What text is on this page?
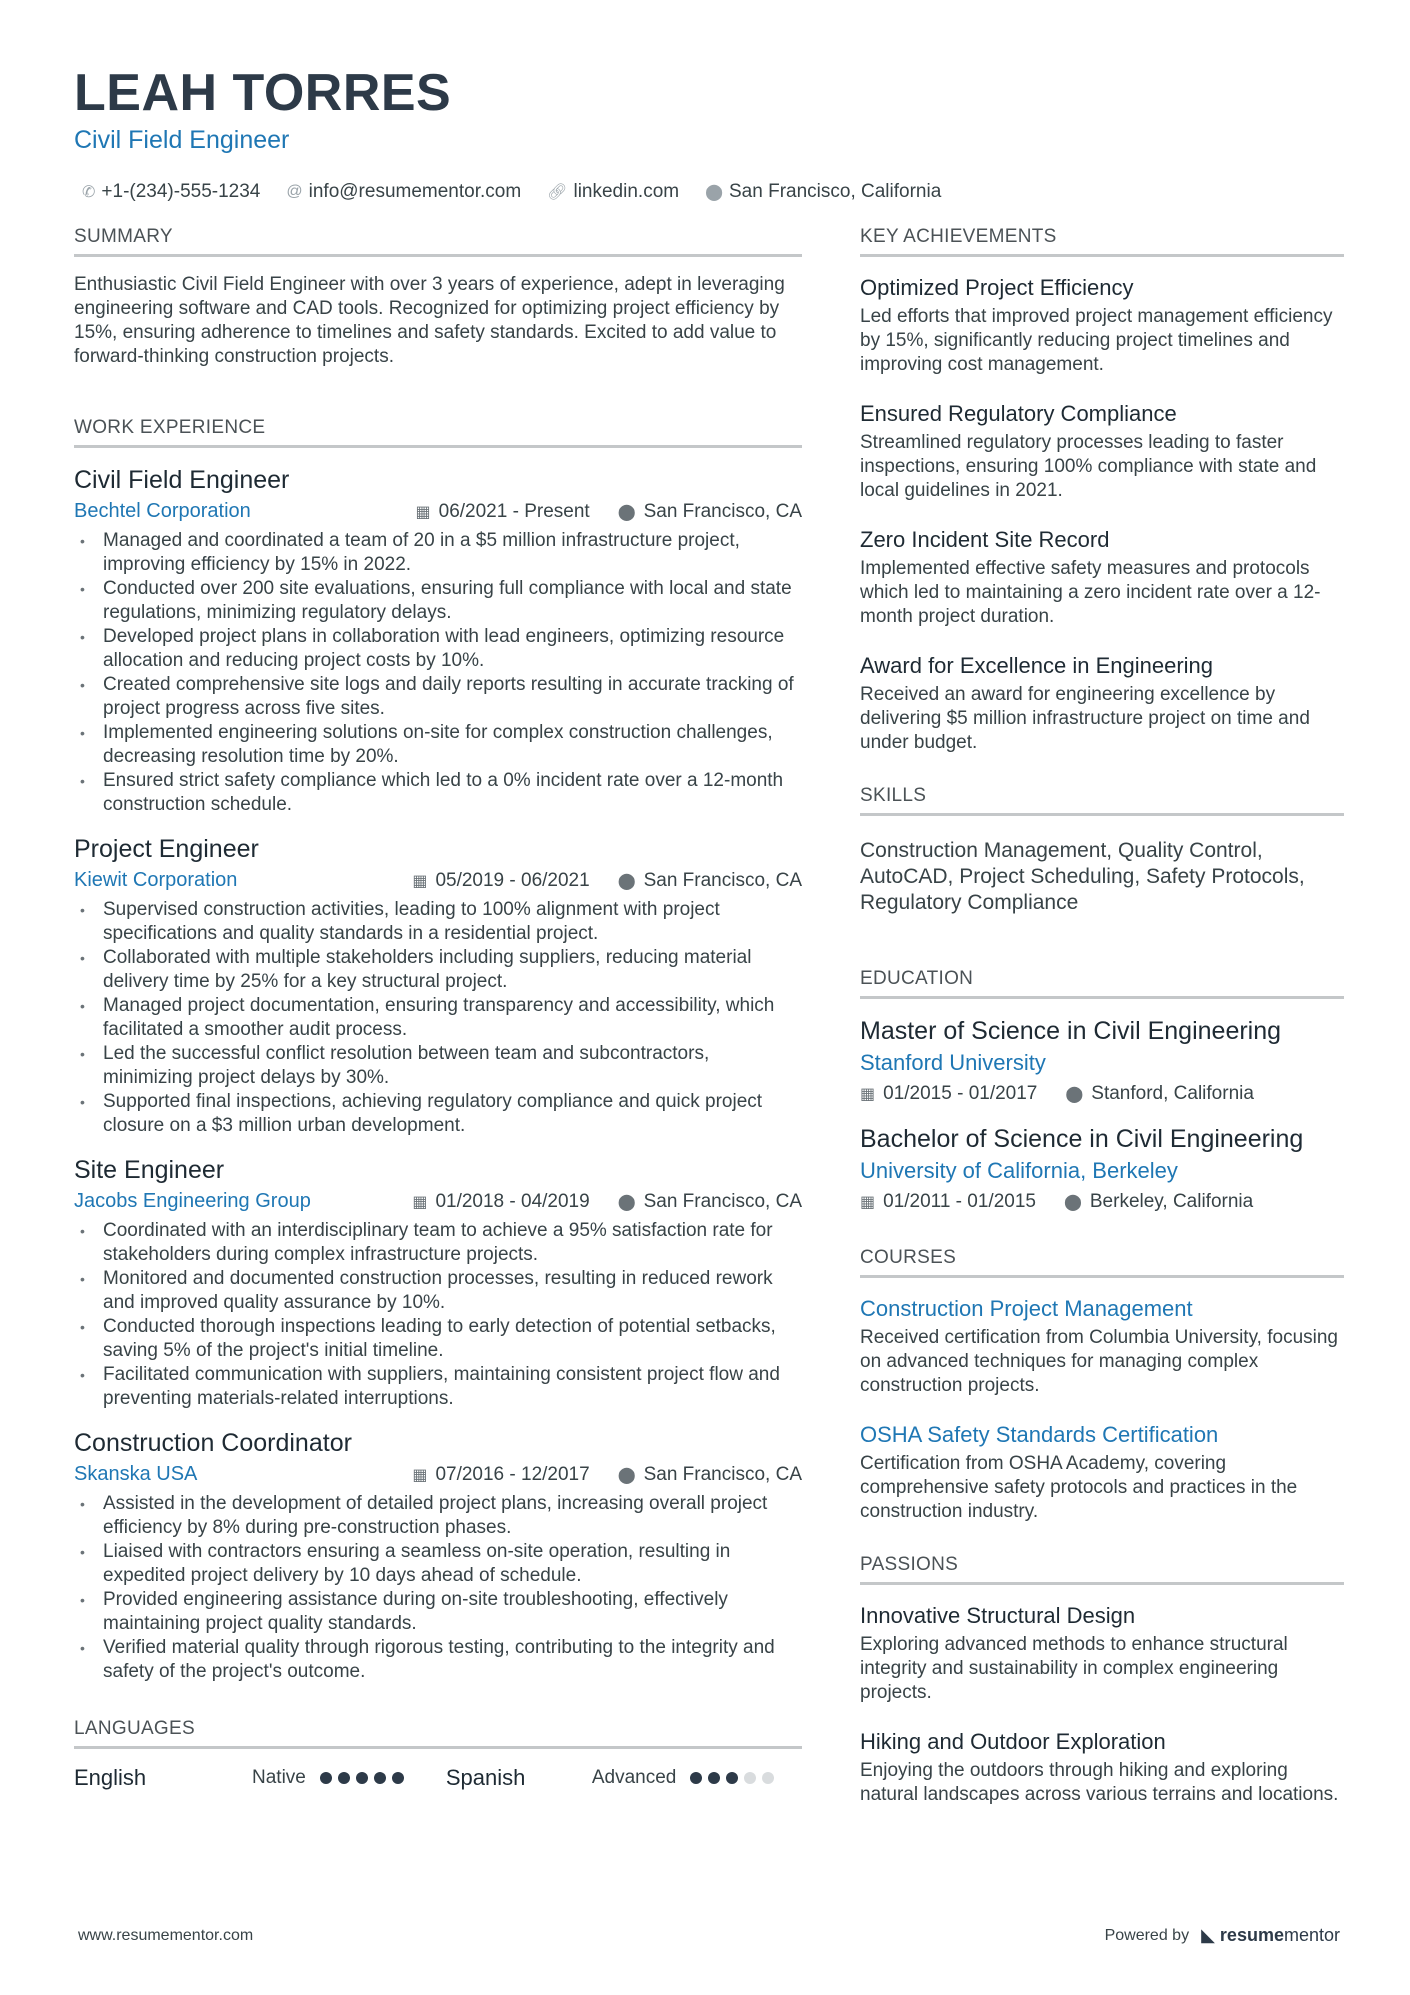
LEAH TORRES
Civil Field Engineer
✆ +1-(234)-555-1234 @ info@resumementor.com 🔗︎ linkedin.com ⬤ San Francisco, California
SUMMARY
Enthusiastic Civil Field Engineer with over 3 years of experience, adept in leveraging engineering software and CAD tools. Recognized for optimizing project efficiency by 15%, ensuring adherence to timelines and safety standards. Excited to add value to forward-thinking construction projects.
WORK EXPERIENCE
Civil Field Engineer
Bechtel Corporation	▦ 06/2021 - Present ⬤ San Francisco, CA
• Managed and coordinated a team of 20 in a $5 million infrastructure project, improving efficiency by 15% in 2022.
• Conducted over 200 site evaluations, ensuring full compliance with local and state regulations, minimizing regulatory delays.
• Developed project plans in collaboration with lead engineers, optimizing resource allocation and reducing project costs by 10%.
• Created comprehensive site logs and daily reports resulting in accurate tracking of project progress across five sites.
• Implemented engineering solutions on-site for complex construction challenges, decreasing resolution time by 20%.
• Ensured strict safety compliance which led to a 0% incident rate over a 12-month construction schedule.
Project Engineer
Kiewit Corporation	▦ 05/2019 - 06/2021 ⬤ San Francisco, CA
• Supervised construction activities, leading to 100% alignment with project specifications and quality standards in a residential project.
• Collaborated with multiple stakeholders including suppliers, reducing material delivery time by 25% for a key structural project.
• Managed project documentation, ensuring transparency and accessibility, which facilitated a smoother audit process.
• Led the successful conflict resolution between team and subcontractors, minimizing project delays by 30%.
• Supported final inspections, achieving regulatory compliance and quick project closure on a $3 million urban development.
Site Engineer
Jacobs Engineering Group	▦ 01/2018 - 04/2019 ⬤ San Francisco, CA
• Coordinated with an interdisciplinary team to achieve a 95% satisfaction rate for stakeholders during complex infrastructure projects.
• Monitored and documented construction processes, resulting in reduced rework and improved quality assurance by 10%.
• Conducted thorough inspections leading to early detection of potential setbacks, saving 5% of the project's initial timeline.
• Facilitated communication with suppliers, maintaining consistent project flow and preventing materials-related interruptions.
Construction Coordinator
Skanska USA	▦ 07/2016 - 12/2017 ⬤ San Francisco, CA
• Assisted in the development of detailed project plans, increasing overall project efficiency by 8% during pre-construction phases.
• Liaised with contractors ensuring a seamless on-site operation, resulting in expedited project delivery by 10 days ahead of schedule.
• Provided engineering assistance during on-site troubleshooting, effectively maintaining project quality standards.
• Verified material quality through rigorous testing, contributing to the integrity and safety of the project's outcome.
LANGUAGES
English	Native	Spanish	Advanced
KEY ACHIEVEMENTS
Optimized Project Efficiency
Led efforts that improved project management efficiency by 15%, significantly reducing project timelines and improving cost management.
Ensured Regulatory Compliance
Streamlined regulatory processes leading to faster inspections, ensuring 100% compliance with state and local guidelines in 2021.
Zero Incident Site Record
Implemented effective safety measures and protocols which led to maintaining a zero incident rate over a 12-month project duration.
Award for Excellence in Engineering
Received an award for engineering excellence by delivering $5 million infrastructure project on time and under budget.
SKILLS
Construction Management, Quality Control, AutoCAD, Project Scheduling, Safety Protocols, Regulatory Compliance
EDUCATION
Master of Science in Civil Engineering
Stanford University
▦ 01/2015 - 01/2017 ⬤ Stanford, California
Bachelor of Science in Civil Engineering
University of California, Berkeley
▦ 01/2011 - 01/2015 ⬤ Berkeley, California
COURSES
Construction Project Management
Received certification from Columbia University, focusing on advanced techniques for managing complex construction projects.
OSHA Safety Standards Certification
Certification from OSHA Academy, covering comprehensive safety protocols and practices in the construction industry.
PASSIONS
Innovative Structural Design
Exploring advanced methods to enhance structural integrity and sustainability in complex engineering projects.
Hiking and Outdoor Exploration
Enjoying the outdoors through hiking and exploring natural landscapes across various terrains and locations.
www.resumementor.com	Powered by ◣ resumementor
